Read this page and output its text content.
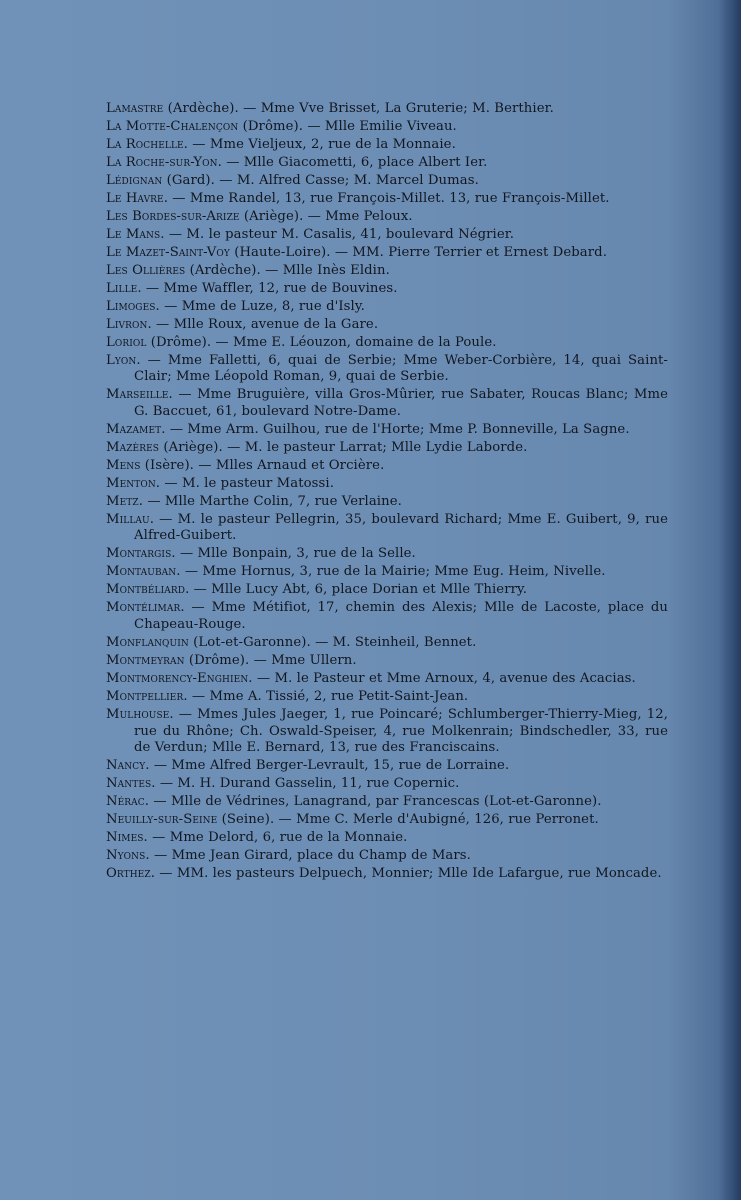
Lamastre (Ardèche). — Mme Vve Brisset, La Gruterie; M. Berthier.

La Motte-Chalençon (Drôme). — Mlle Emilie Viveau.

La Rochelle. — Mme Vieljeux, 2, rue de la Monnaie.

La Roche-sur-Yon. — Mlle Giacometti, 6, place Albert Ier.

Lédignan (Gard). — M. Alfred Casse; M. Marcel Dumas.

Le Havre. — Mme Randel, 13, rue François-Millet. 13, rue François-Millet.

Les Bordes-sur-Arize (Ariège). — Mme Peloux.

Le Mans. — M. le pasteur M. Casalis, 41, boulevard Négrier.

Le Mazet-Saint-Voy (Haute-Loire). — MM. Pierre Terrier et Ernest Debard.

Les Ollières (Ardèche). — Mlle Inès Eldin.

Lille. — Mme Waffler, 12, rue de Bouvines.

Limoges. — Mme de Luze, 8, rue d'Isly.

Livron. — Mlle Roux, avenue de la Gare.

Loriol (Drôme). — Mme E. Léouzon, domaine de la Poule.

Lyon. — Mme Falletti, 6, quai de Serbie; Mme Weber-Corbière, 14, quai Saint-Clair; Mme Léopold Roman, 9, quai de Serbie.

Marseille. — Mme Bruguière, villa Gros-Mûrier, rue Sabater, Roucas Blanc; Mme G. Baccuet, 61, boulevard Notre-Dame.

Mazamet. — Mme Arm. Guilhou, rue de l'Horte; Mme P. Bonneville, La Sagne.

Mazères (Ariège). — M. le pasteur Larrat; Mlle Lydie Laborde.

Mens (Isère). — Mlles Arnaud et Orcière.

Menton. — M. le pasteur Matossi.

Metz. — Mlle Marthe Colin, 7, rue Verlaine.

Millau. — M. le pasteur Pellegrin, 35, boulevard Richard; Mme E. Guibert, 9, rue Alfred-Guibert.

Montargis. — Mlle Bonpain, 3, rue de la Selle.

Montauban. — Mme Hornus, 3, rue de la Mairie; Mme Eug. Heim, Nivelle.

Montbéliard. — Mlle Lucy Abt, 6, place Dorian et Mlle Thierry.

Montélimar. — Mme Métifiot, 17, chemin des Alexis; Mlle de Lacoste, place du Chapeau-Rouge.

Monflanquin (Lot-et-Garonne). — M. Steinheil, Bennet.

Montmeyran (Drôme). — Mme Ullern.

Montmorency-Enghien. — M. le Pasteur et Mme Arnoux, 4, avenue des Acacias.

Montpellier. — Mme A. Tissié, 2, rue Petit-Saint-Jean.

Mulhouse. — Mmes Jules Jaeger, 1, rue Poincaré; Schlumberger-Thierry-Mieg, 12, rue du Rhône; Ch. Oswald-Speiser, 4, rue Molkenrain; Bindschedler, 33, rue de Verdun; Mlle E. Bernard, 13, rue des Franciscains.

Nancy. — Mme Alfred Berger-Levrault, 15, rue de Lorraine.

Nantes. — M. H. Durand Gasselin, 11, rue Copernic.

Nérac. — Mlle de Védrines, Lanagrand, par Francescas (Lot-et-Garonne).

Neuilly-sur-Seine (Seine). — Mme C. Merle d'Aubigné, 126, rue Perronet.

Nimes. — Mme Delord, 6, rue de la Monnaie.

Nyons. — Mme Jean Girard, place du Champ de Mars.

Orthez. — MM. les pasteurs Delpuech, Monnier; Mlle Ide Lafargue, rue Moncade.
